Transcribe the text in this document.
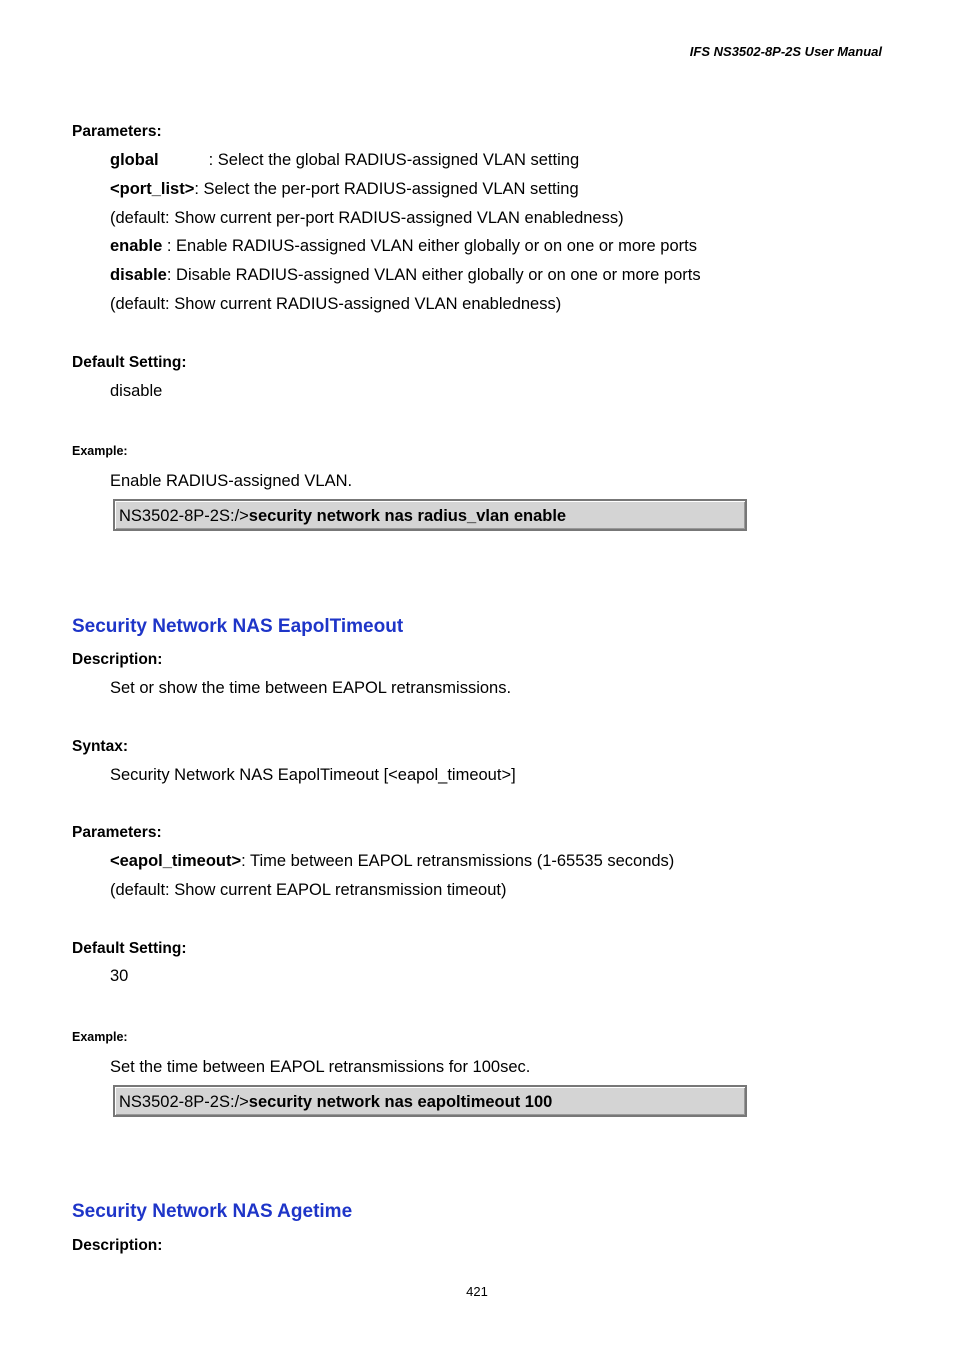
IFS NS3502-8P-2S User Manual
Parameters:
global	: Select the global RADIUS-assigned VLAN setting
<port_list>: Select the per-port RADIUS-assigned VLAN setting
(default: Show current per-port RADIUS-assigned VLAN enabledness)
enable : Enable RADIUS-assigned VLAN either globally or on one or more ports
disable: Disable RADIUS-assigned VLAN either globally or on one or more ports
(default: Show current RADIUS-assigned VLAN enabledness)
Default Setting:
disable
Example:
Enable RADIUS-assigned VLAN.
NS3502-8P-2S:/>security network nas radius_vlan enable
Security Network NAS EapolTimeout
Description:
Set or show the time between EAPOL retransmissions.
Syntax:
Security Network NAS EapolTimeout [<eapol_timeout>]
Parameters:
<eapol_timeout>: Time between EAPOL retransmissions (1-65535 seconds)
(default: Show current EAPOL retransmission timeout)
Default Setting:
30
Example:
Set the time between EAPOL retransmissions for 100sec.
NS3502-8P-2S:/>security network nas eapoltimeout 100
Security Network NAS Agetime
Description:
421
